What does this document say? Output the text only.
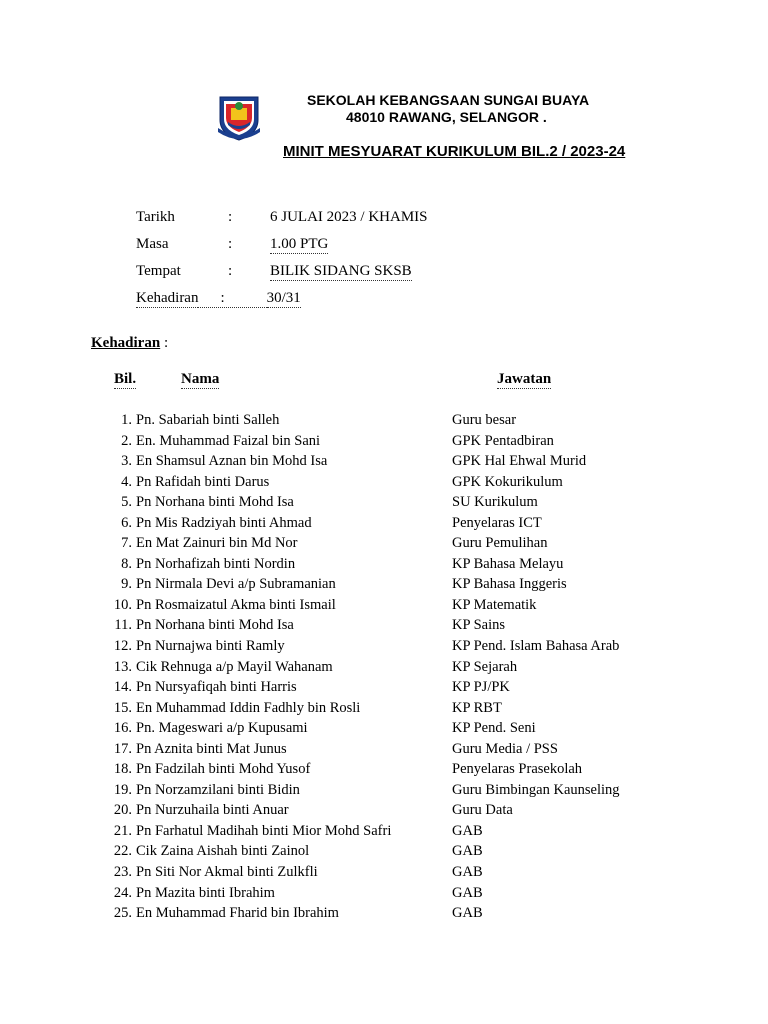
SEKOLAH KEBANGSAAN SUNGAI BUAYA
48010 RAWANG, SELANGOR .
MINIT MESYUARAT KURIKULUM BIL.2 / 2023-24
Tarikh	:	6 JULAI 2023 / KHAMIS
Masa	:	1.00 PTG
Tempat	:	BILIK SIDANG SKSB
Kehadiran	:	30/31
Kehadiran :
Bil.	Nama	Jawatan
1. Pn. Sabariah binti Salleh	Guru besar
2. En. Muhammad Faizal bin Sani	GPK Pentadbiran
3. En Shamsul Aznan bin Mohd Isa	GPK Hal Ehwal Murid
4. Pn Rafidah binti Darus	GPK Kokurikulum
5. Pn Norhana binti Mohd Isa	SU Kurikulum
6. Pn Mis Radziyah binti Ahmad	Penyelaras ICT
7. En Mat Zainuri bin Md Nor	Guru Pemulihan
8. Pn Norhafizah binti Nordin	KP Bahasa Melayu
9. Pn Nirmala Devi a/p Subramanian	KP Bahasa Inggeris
10. Pn Rosmaizatul Akma binti Ismail	KP Matematik
11. Pn Norhana binti Mohd Isa	KP Sains
12. Pn Nurnajwa binti Ramly	KP Pend. Islam Bahasa Arab
13. Cik Rehnuga a/p Mayil Wahanam	KP Sejarah
14. Pn Nursyafiqah binti Harris	KP PJ/PK
15. En Muhammad Iddin Fadhly bin Rosli	KP RBT
16. Pn. Mageswari a/p Kupusami	KP Pend. Seni
17. Pn Aznita binti Mat Junus	Guru Media / PSS
18. Pn Fadzilah binti Mohd Yusof	Penyelaras Prasekolah
19. Pn Norzamzilani binti Bidin	Guru Bimbingan Kaunseling
20. Pn Nurzuhaila binti Anuar	Guru Data
21. Pn Farhatul Madihah binti Mior Mohd Safri	GAB
22. Cik Zaina Aishah binti Zainol	GAB
23. Pn Siti Nor Akmal binti Zulkfli	GAB
24. Pn Mazita binti Ibrahim	GAB
25. En Muhammad Fharid bin Ibrahim	GAB
